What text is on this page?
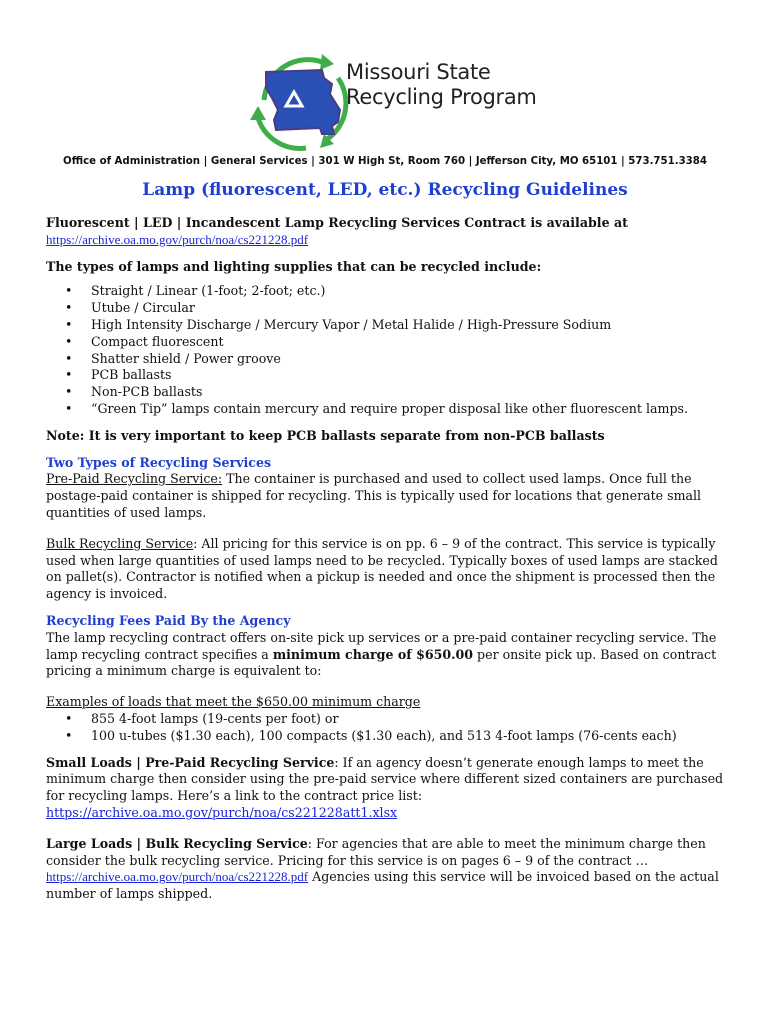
Missouri State
Recycling Program
Office of Administration | General Services | 301 W High St, Room 760 | Jefferson City, MO 65101 | 573.751.3384
Lamp (fluorescent, LED, etc.) Recycling Guidelines

Fluorescent | LED | Incandescent Lamp Recycling Services Contract is available at

https://archive.oa.mo.gov/purch/noa/cs221228.pdf

The types of lamps and lighting supplies that can be recycled include:

• Straight / Linear (1-foot; 2-foot; etc.)
• Utube / Circular
• High Intensity Discharge / Mercury Vapor / Metal Halide / High-Pressure Sodium
• Compact fluorescent
• Shatter shield / Power groove
• PCB ballasts
• Non-PCB ballasts
• “Green Tip” lamps contain mercury and require proper disposal like other fluorescent lamps.

Note: It is very important to keep PCB ballasts separate from non-PCB ballasts

Two Types of Recycling Services

Pre-Paid Recycling Service: The container is purchased and used to collect used lamps. Once full the postage-paid container is shipped for recycling. This is typically used for locations that generate small quantities of used lamps.

Bulk Recycling Service: All pricing for this service is on pp. 6 – 9 of the contract. This service is typically used when large quantities of used lamps need to be recycled. Typically boxes of used lamps are stacked on pallet(s). Contractor is notified when a pickup is needed and once the shipment is processed then the agency is invoiced.

Recycling Fees Paid By the Agency

The lamp recycling contract offers on-site pick up services or a pre-paid container recycling service. The lamp recycling contract specifies a minimum charge of $650.00 per onsite pick up. Based on contract pricing a minimum charge is equivalent to:

Examples of loads that meet the $650.00 minimum charge

• 855 4-foot lamps (19-cents per foot) or
• 100 u-tubes ($1.30 each), 100 compacts ($1.30 each), and 513 4-foot lamps (76-cents each)

Small Loads | Pre-Paid Recycling Service: If an agency doesn’t generate enough lamps to meet the minimum charge then consider using the pre-paid service where different sized containers are purchased for recycling lamps. Here’s a link to the contract price list:

https://archive.oa.mo.gov/purch/noa/cs221228att1.xlsx

Large Loads | Bulk Recycling Service: For agencies that are able to meet the minimum charge then consider the bulk recycling service. Pricing for this service is on pages 6 – 9 of the contract … https://archive.oa.mo.gov/purch/noa/cs221228.pdf Agencies using this service will be invoiced based on the actual number of lamps shipped.
